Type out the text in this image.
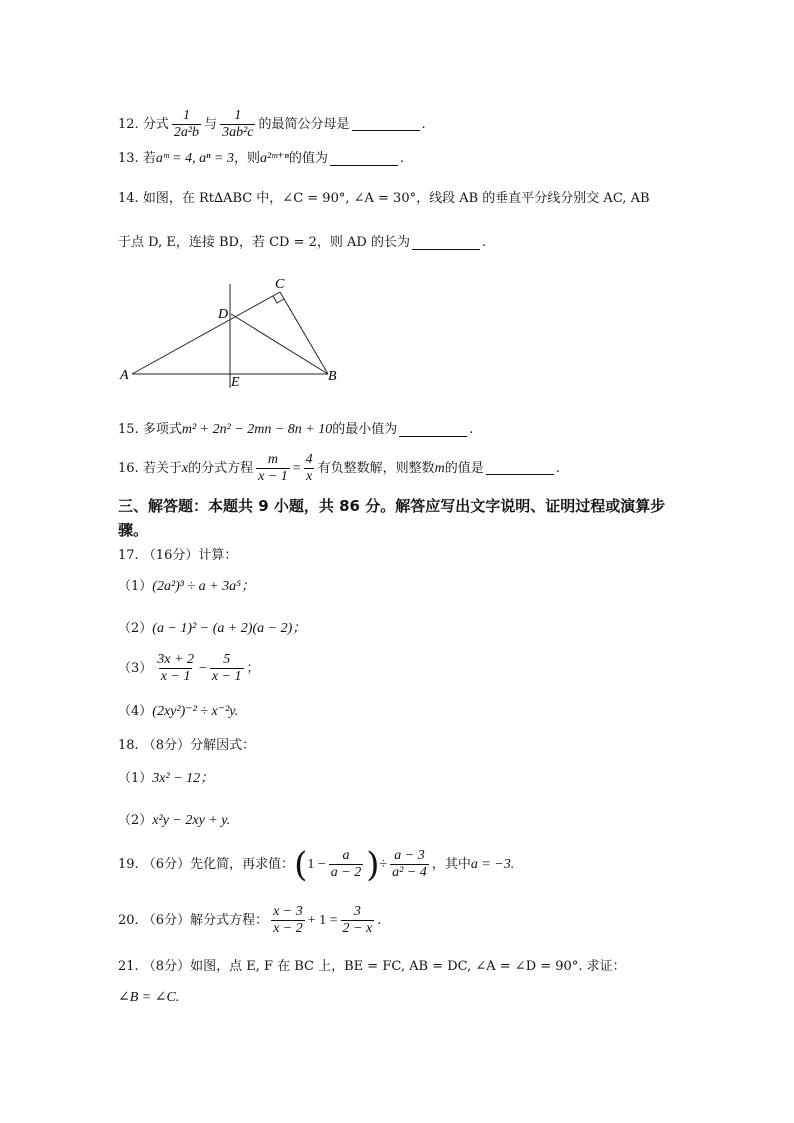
12.
分式 $\frac{1}{\text{2a²b}}$ 与 $\frac{1}{\text{3ab²c}}$ 的最简公分母是	.
13.
若 aᵐ = 4, aⁿ = 3 ，则 a²ᵐ⁺ⁿ 的值为	.
14.
如图，在 Rt∆ABC 中，∠C = 90°, ∠A = 30°，线段 AB 的垂直平分线分别交 AC, AB
于点 D, E，连接 BD，若 CD = 2，则 AD 的长为	.
A	B
C
D
E
15.
多项式 m² + 2n² − 2mn − 8n + 10 的最小值为	.
16.
若关于 x 的分式方程 $\frac{m}{x - 1} = \frac{4}{x}$ 有负整数解，则整数 m 的值是	.
三、解答题：本题共 9 小题，共 86 分。解答应写出文字说明、证明过程或演算步骤。
17. （16分）计算：
（1） (2a²)³ ÷ a + 3a⁵；
（2） (a − 1)² − (a + 2)(a − 2)；
$(3) \frac{3x + 2}{x - 1} - \frac{5}{x - 1}$ ；
（4） (2xy²)⁻² ÷ x⁻²y.
18. （8分）分解因式：
（1） 3x² − 12；
（2） x²y − 2xy + y.
19. （6分）先化简，再求值： ( $1 - \frac{a}{a - 2}$ ) ÷ $\frac{a - 3}{\text{a² − 4}}$ ，其中 a = −3.
20. （6分）解分式方程： $\frac{x - 3}{x - 2} + 1 = \frac{3}{2 - x}$ .
21. （8分）如图，点 E, F 在 BC 上，BE = FC, AB = DC, ∠A = ∠D = 90°. 求证：
∠B = ∠C.
